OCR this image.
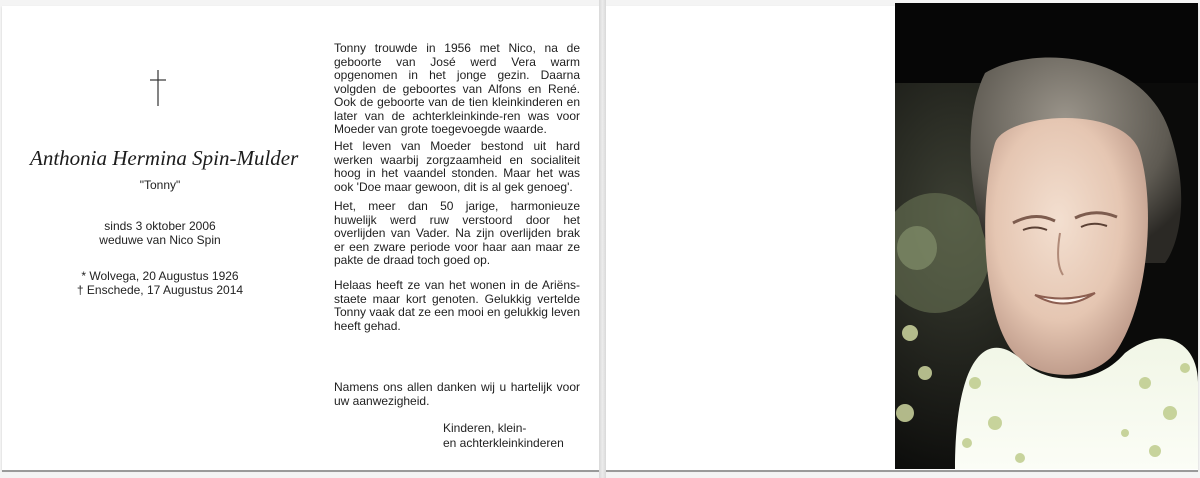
Anthonia Hermina Spin-Mulder
"Tonny"
sinds 3 oktober 2006
weduwe van Nico Spin
* Wolvega, 20 Augustus 1926
† Enschede, 17 Augustus 2014
Tonny trouwde in 1956 met Nico, na de geboorte van José werd Vera warm opgenomen in het jonge gezin. Daarna volgden de geboortes van Alfons en René. Ook de geboorte van de tien kleinkinderen en later van de achterkleinkinde-ren was voor Moeder van grote toegevoegde waarde.
Het leven van Moeder bestond uit hard werken waarbij zorgzaamheid en socialiteit hoog in het vaandel stonden. Maar het was ook 'Doe maar gewoon, dit is al gek genoeg'.
Het, meer dan 50 jarige, harmonieuze huwelijk werd ruw verstoord door het overlijden van Vader. Na zijn overlijden brak er een zware periode voor haar aan maar ze pakte de draad toch goed op.
Helaas heeft ze van het wonen in de Ariëns-staete maar kort genoten. Gelukkig vertelde Tonny vaak dat ze een mooi en gelukkig leven heeft gehad.
Namens ons allen danken wij u hartelijk voor uw aanwezigheid.
Kinderen, klein-
en achterkleinkinderen
